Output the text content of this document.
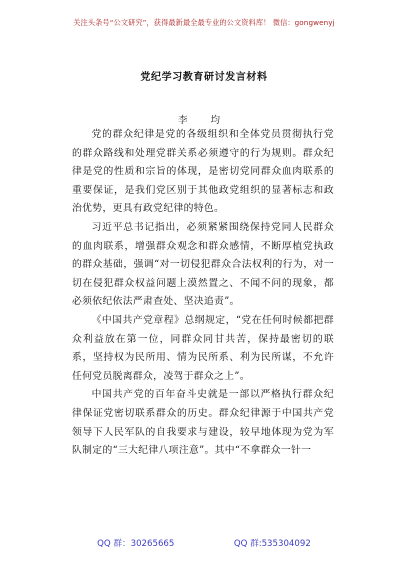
关注头条号“公文研究”，获得最新最全最专业的公文资料库！ 微信：gongwenyj
党纪学习教育研讨发言材料
李 均

党的群众纪律是党的各级组织和全体党员贯彻执行党的群众路线和处理党群关系必须遵守的行为规则。群众纪律是党的性质和宗旨的体现，是密切党同群众血肉联系的重要保证，是我们党区别于其他政党组织的显著标志和政治优势，更具有政党纪律的特色。

习近平总书记指出，必须紧紧围绕保持党同人民群众的血肉联系，增强群众观念和群众感情，不断厚植党执政的群众基础，强调“对一切侵犯群众合法权利的行为，对一切在侵犯群众权益问题上漠然置之、不闻不问的现象，都必须依纪依法严肃查处、坚决追责”。

《中国共产党章程》总纲规定，“党在任何时候都把群众利益放在第一位，同群众同甘共苦，保持最密切的联系，坚持权为民所用、情为民所系、利为民所谋，不允许任何党员脱离群众，凌驾于群众之上”。

中国共产党的百年奋斗史就是一部以严格执行群众纪律保证党密切联系群众的历史。群众纪律源于中国共产党领导下人民军队的自我要求与建设，较早地体现为党为军队制定的“三大纪律八项注意”。其中“不拿群众一针一

QQ 群：30265665	QQ 群:535304092
